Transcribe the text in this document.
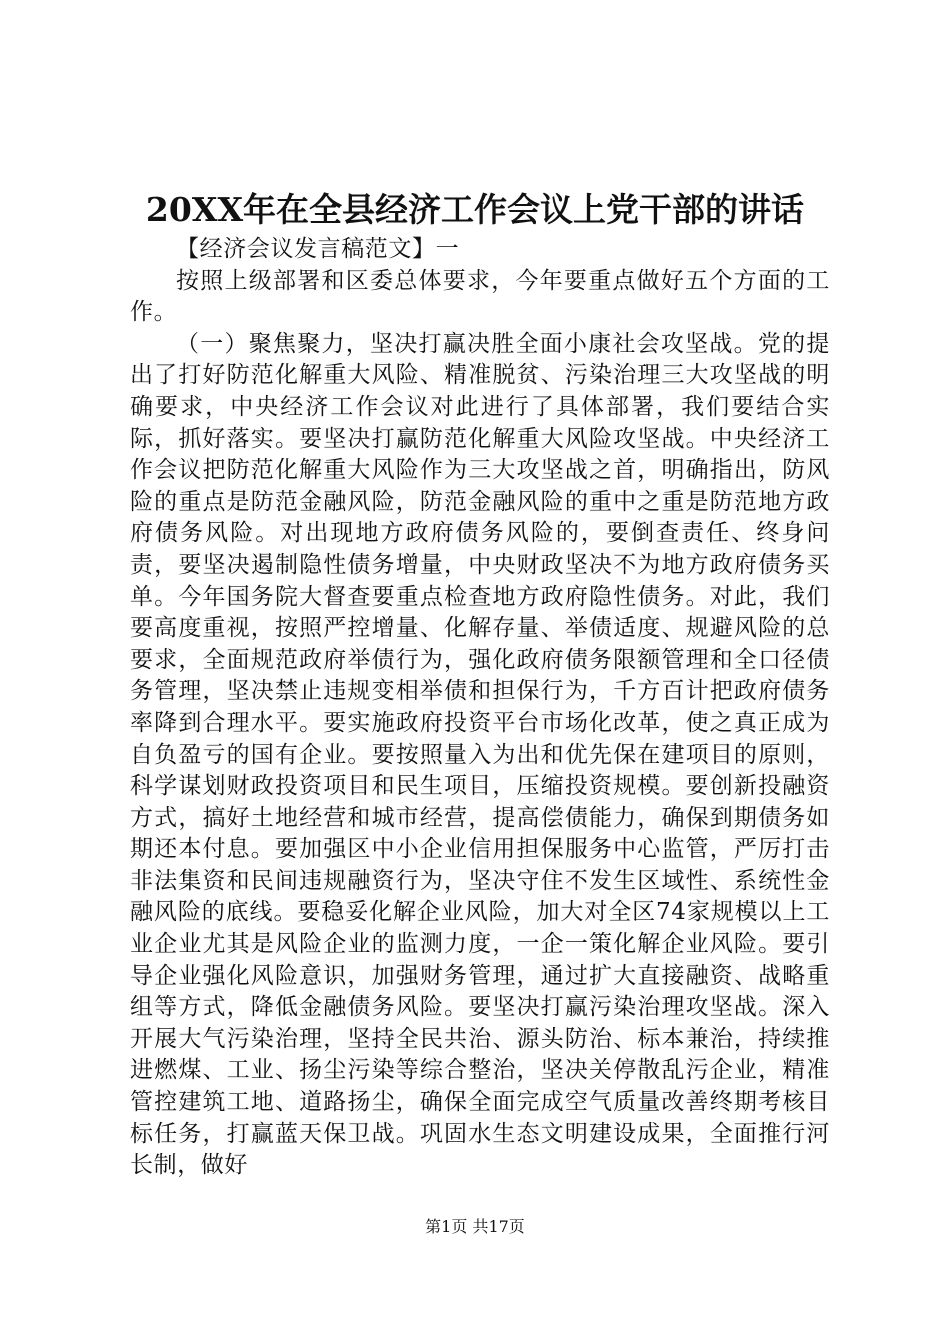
20XX年在全县经济工作会议上党干部的讲话

【经济会议发言稿范文】一

按照上级部署和区委总体要求，今年要重点做好五个方面的工作。

（一）聚焦聚力，坚决打赢决胜全面小康社会攻坚战。党的提出了打好防范化解重大风险、精准脱贫、污染治理三大攻坚战的明确要求，中央经济工作会议对此进行了具体部署，我们要结合实际，抓好落实。要坚决打赢防范化解重大风险攻坚战。中央经济工作会议把防范化解重大风险作为三大攻坚战之首，明确指出，防风险的重点是防范金融风险，防范金融风险的重中之重是防范地方政府债务风险。对出现地方政府债务风险的，要倒查责任、终身问责，要坚决遏制隐性债务增量，中央财政坚决不为地方政府债务买单。今年国务院大督查要重点检查地方政府隐性债务。对此，我们要高度重视，按照严控增量、化解存量、举债适度、规避风险的总要求，全面规范政府举债行为，强化政府债务限额管理和全口径债务管理，坚决禁止违规变相举债和担保行为，千方百计把政府债务率降到合理水平。要实施政府投资平台市场化改革，使之真正成为自负盈亏的国有企业。要按照量入为出和优先保在建项目的原则，科学谋划财政投资项目和民生项目，压缩投资规模。要创新投融资方式，搞好土地经营和城市经营，提高偿债能力，确保到期债务如期还本付息。要加强区中小企业信用担保服务中心监管，严厉打击非法集资和民间违规融资行为，坚决守住不发生区域性、系统性金融风险的底线。要稳妥化解企业风险，加大对全区74家规模以上工业企业尤其是风险企业的监测力度，一企一策化解企业风险。要引导企业强化风险意识，加强财务管理，通过扩大直接融资、战略重组等方式，降低金融债务风险。要坚决打赢污染治理攻坚战。深入开展大气污染治理，坚持全民共治、源头防治、标本兼治，持续推进燃煤、工业、扬尘污染等综合整治，坚决关停散乱污企业，精准管控建筑工地、道路扬尘，确保全面完成空气质量改善终期考核目标任务，打赢蓝天保卫战。巩固水生态文明建设成果，全面推行河长制，做好

第1页 共17页
